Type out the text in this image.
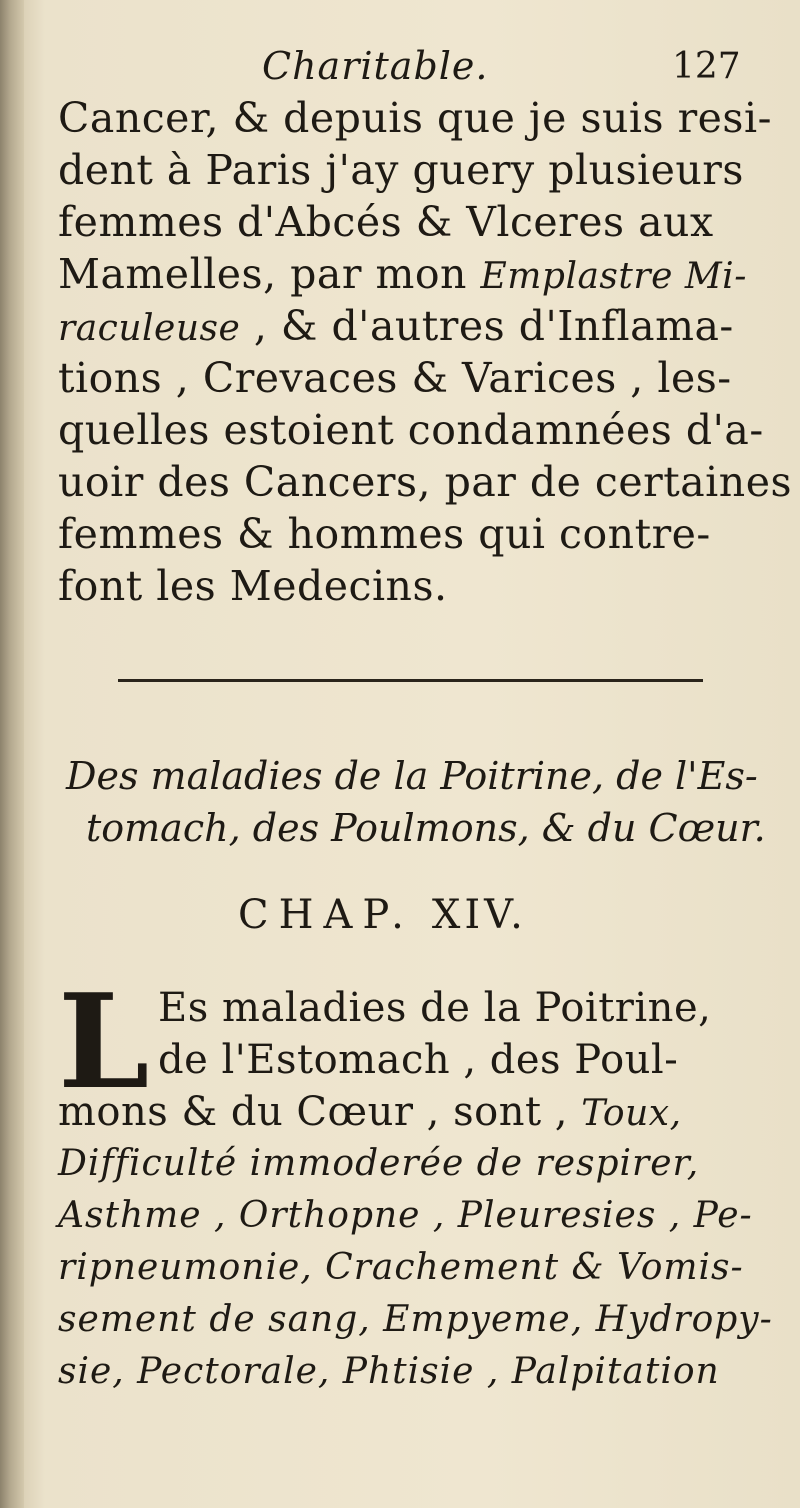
Charitable.	127
Cancer, & depuis que je suis resi-
dent à Paris j'ay guery plusieurs
femmes d'Abcés & Vlceres aux
Mamelles, par mon Emplastre Mi-
raculeuse , & d'autres d'Inflama-
tions , Crevaces & Varices , les-
quelles estoient condamnées d'a-
uoir des Cancers, par de certaines
femmes & hommes qui contre-
font les Medecins.
Des maladies de la Poitrine, de l'Es-
tomach, des Poulmons, & du Cœur.
CHAP. XIV.
L Es maladies de la Poitrine,
de l'Estomach , des Poul-
mons & du Cœur , sont , Toux,
Difficulté immoderée de respirer,
Asthme , Orthopne , Pleuresies , Pe-
ripneumonie, Crachement & Vomis-
sement de sang, Empyeme, Hydropy-
sie, Pectorale, Phtisie , Palpitation
